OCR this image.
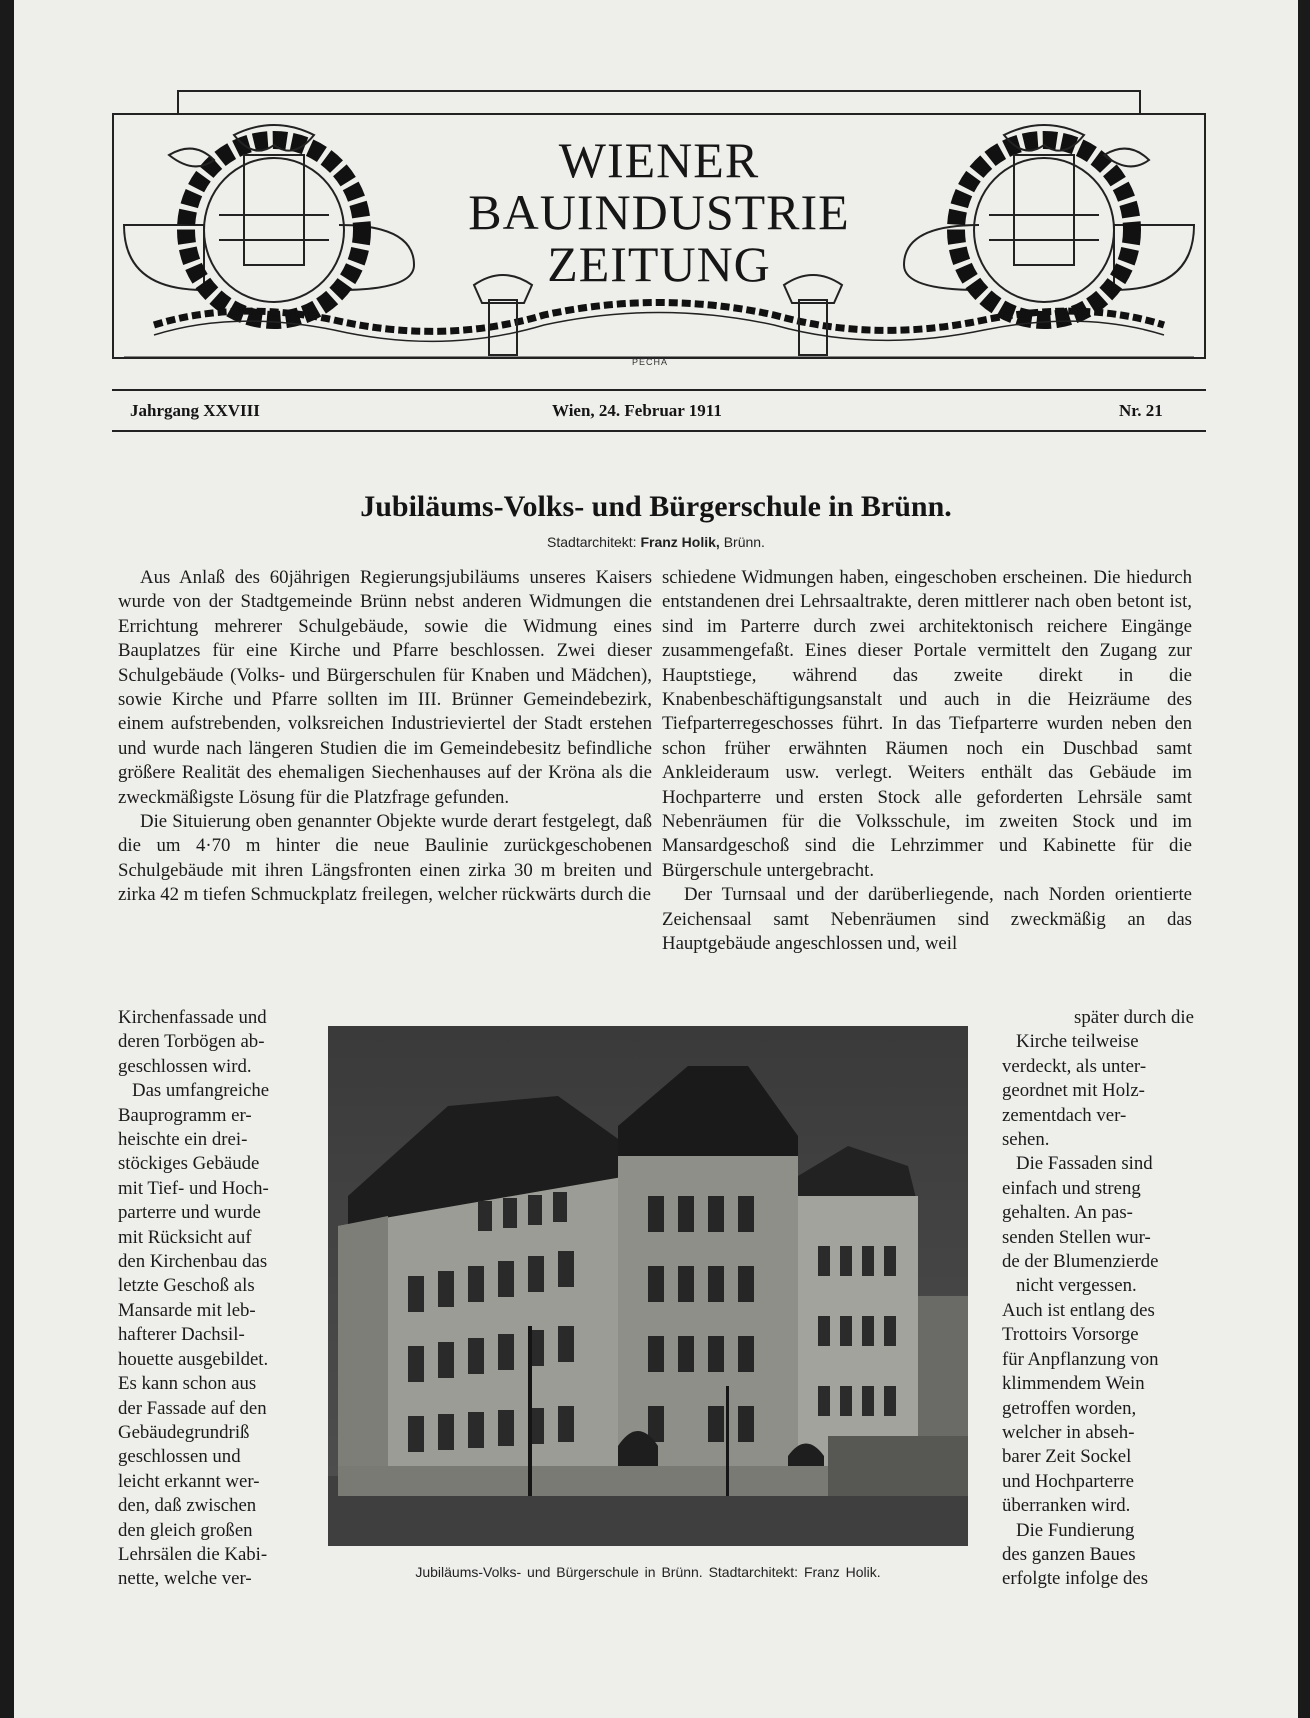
WIENER
BAUINDUSTRIE
ZEITUNG
PECHA
Jahrgang XXVIII	Wien, 24. Februar 1911	Nr. 21
Jubiläums-Volks- und Bürgerschule in Brünn.
Stadtarchitekt: Franz Holik, Brünn.

Aus Anlaß des 60jährigen Regierungsjubiläums unseres Kaisers wurde von der Stadtgemeinde Brünn nebst anderen Widmungen die Errichtung mehrerer Schulgebäude, sowie die Widmung eines Bauplatzes für eine Kirche und Pfarre beschlossen. Zwei dieser Schulgebäude (Volks- und Bürgerschulen für Knaben und Mädchen), sowie Kirche und Pfarre sollten im III. Brünner Gemeindebezirk, einem aufstrebenden, volksreichen Industrieviertel der Stadt erstehen und wurde nach längeren Studien die im Gemeindebesitz befindliche größere Realität des ehemaligen Siechenhauses auf der Kröna als die zweckmäßigste Lösung für die Platzfrage gefunden.

Die Situierung oben genannter Objekte wurde derart festgelegt, daß die um 4·70 m hinter die neue Baulinie zurückgeschobenen Schulgebäude mit ihren Längsfronten einen zirka 30 m breiten und zirka 42 m tiefen Schmuckplatz freilegen, welcher rückwärts durch die

Kirchenfassade und
deren Torbögen ab-
geschlossen wird.
Das umfangreiche
Bauprogramm er-
heischte ein drei-
stöckiges Gebäude
mit Tief- und Hoch-
parterre und wurde
mit Rücksicht auf
den Kirchenbau das
letzte Geschoß als
Mansarde mit leb-
hafterer Dachsil-
houette ausgebildet.
Es kann schon aus
der Fassade auf den
Gebäudegrundriß
geschlossen und
leicht erkannt wer-
den, daß zwischen
den gleich großen
Lehrsälen die Kabi-
nette, welche ver-

schiedene Widmungen haben, eingeschoben erscheinen. Die hiedurch entstandenen drei Lehrsaaltrakte, deren mittlerer nach oben betont ist, sind im Parterre durch zwei architektonisch reichere Eingänge zusammengefaßt. Eines dieser Portale vermittelt den Zugang zur Hauptstiege, während das zweite direkt in die Knabenbeschäftigungsanstalt und auch in die Heizräume des Tiefparterregeschosses führt. In das Tiefparterre wurden neben den schon früher erwähnten Räumen noch ein Duschbad samt Ankleideraum usw. verlegt. Weiters enthält das Gebäude im Hochparterre und ersten Stock alle geforderten Lehrsäle samt Nebenräumen für die Volksschule, im zweiten Stock und im Mansardgeschoß sind die Lehrzimmer und Kabinette für die Bürgerschule untergebracht.

Der Turnsaal und der darüberliegende, nach Norden orientierte Zeichensaal samt Nebenräumen sind zweckmäßig an das Hauptgebäude angeschlossen und, weil

später durch die
Kirche teilweise
verdeckt, als unter-
geordnet mit Holz-
zementdach ver-
sehen.
Die Fassaden sind
einfach und streng
gehalten. An pas-
senden Stellen wur-
de der Blumenzierde
nicht vergessen.
Auch ist entlang des
Trottoirs Vorsorge
für Anpflanzung von
klimmendem Wein
getroffen worden,
welcher in abseh-
barer Zeit Sockel
und Hochparterre
überranken wird.
Die Fundierung
des ganzen Baues
erfolgte infolge des
Jubiläums-Volks- und Bürgerschule in Brünn. Stadtarchitekt: Franz Holik.
